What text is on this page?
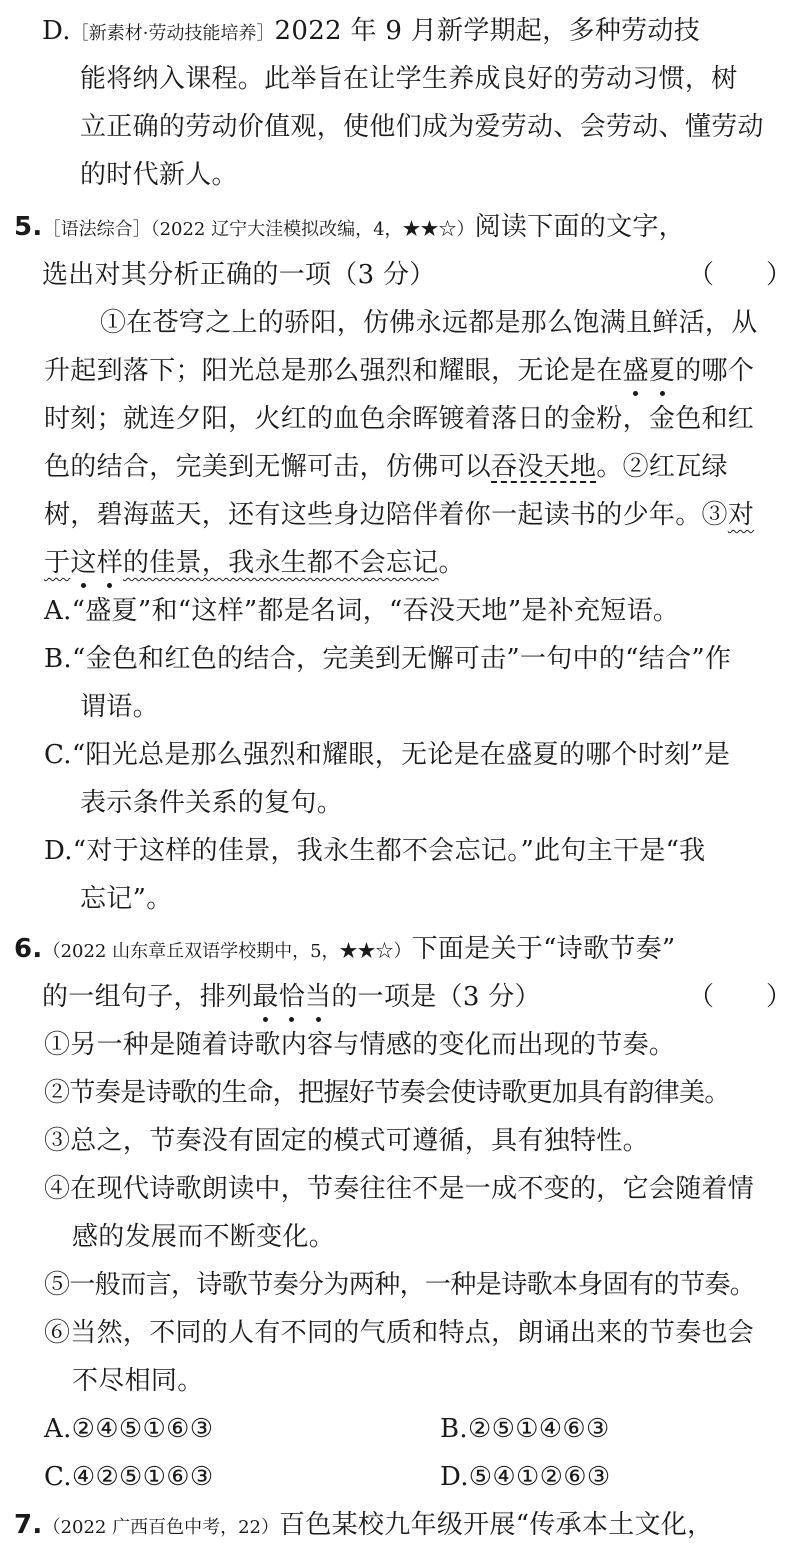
D.［新素材·劳动技能培养］2022 年 9 月新学期起，多种劳动技
能将纳入课程。此举旨在让学生养成良好的劳动习惯，树
立正确的劳动价值观，使他们成为爱劳动、会劳动、懂劳动
的时代新人。
5.［语法综合］（2022 辽宁大洼模拟改编，4，★★☆）阅读下面的文字，
选出对其分析正确的一项（3 分）	（　　）
①在苍穹之上的骄阳，仿佛永远都是那么饱满且鲜活，从
升起到落下；阳光总是那么强烈和耀眼，无论是在盛夏的哪个
时刻；就连夕阳，火红的血色余晖镀着落日的金粉，金色和红
色的结合，完美到无懈可击，仿佛可以吞没天地。②红瓦绿
树，碧海蓝天，还有这些身边陪伴着你一起读书的少年。③对
于这样的佳景，我永生都不会忘记。
A.“盛夏”和“这样”都是名词，“吞没天地”是补充短语。
B.“金色和红色的结合，完美到无懈可击”一句中的“结合”作
谓语。
C.“阳光总是那么强烈和耀眼，无论是在盛夏的哪个时刻”是
表示条件关系的复句。
D.“对于这样的佳景，我永生都不会忘记。”此句主干是“我
忘记”。
6.（2022 山东章丘双语学校期中，5，★★☆）下面是关于“诗歌节奏”
的一组句子，排列最恰当的一项是（3 分）	（　　）
①另一种是随着诗歌内容与情感的变化而出现的节奏。
②节奏是诗歌的生命，把握好节奏会使诗歌更加具有韵律美。
③总之，节奏没有固定的模式可遵循，具有独特性。
④在现代诗歌朗读中，节奏往往不是一成不变的，它会随着情
感的发展而不断变化。
⑤一般而言，诗歌节奏分为两种，一种是诗歌本身固有的节奏。
⑥当然，不同的人有不同的气质和特点，朗诵出来的节奏也会
不尽相同。
A.②④⑤①⑥③	B.②⑤①④⑥③
C.④②⑤①⑥③	D.⑤④①②⑥③
7.（2022 广西百色中考，22）百色某校九年级开展“传承本土文化，
